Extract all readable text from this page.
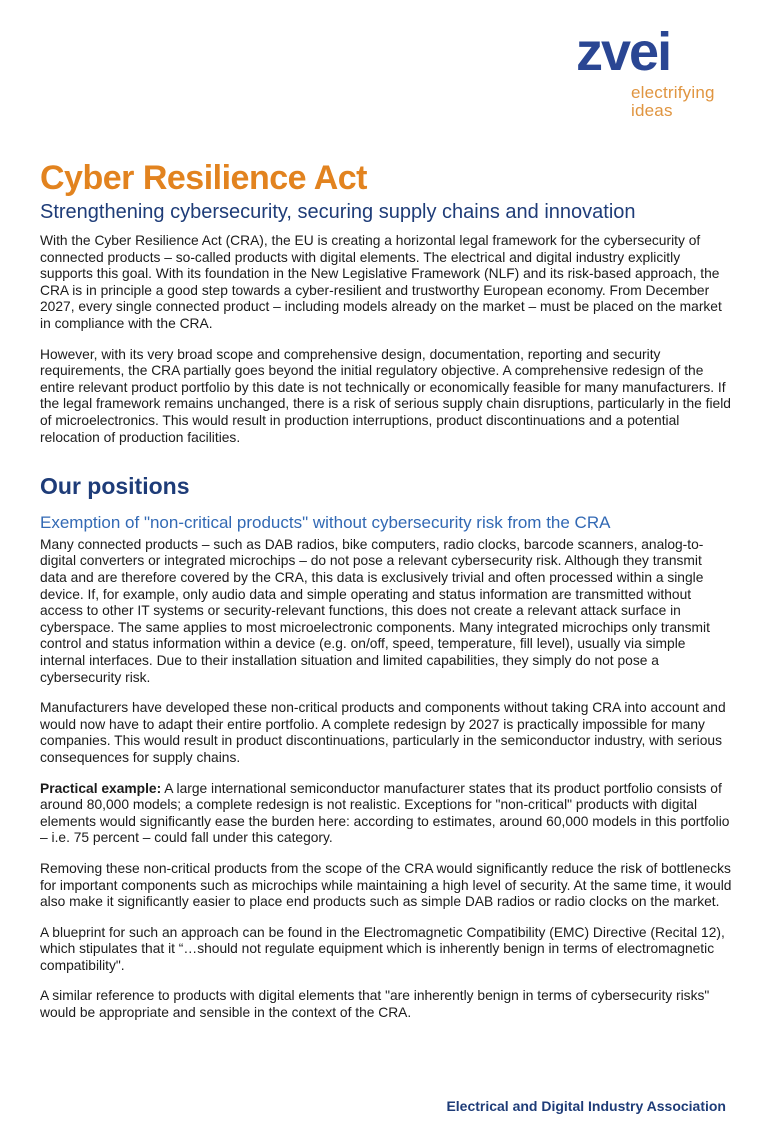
zvei
electrifying
ideas
Cyber Resilience Act
Strengthening cybersecurity, securing supply chains and innovation

With the Cyber Resilience Act (CRA), the EU is creating a horizontal legal framework for the cybersecurity of connected products – so-called products with digital elements. The electrical and digital industry explicitly supports this goal. With its foundation in the New Legislative Framework (NLF) and its risk-based approach, the CRA is in principle a good step towards a cyber-resilient and trustworthy European economy. From December 2027, every single connected product – including models already on the market – must be placed on the market in compliance with the CRA.

However, with its very broad scope and comprehensive design, documentation, reporting and security requirements, the CRA partially goes beyond the initial regulatory objective. A comprehensive redesign of the entire relevant product portfolio by this date is not technically or economically feasible for many manufacturers. If the legal framework remains unchanged, there is a risk of serious supply chain disruptions, particularly in the field of microelectronics. This would result in production interruptions, product discontinuations and a potential relocation of production facilities.

Our positions
Exemption of "non-critical products" without cybersecurity risk from the CRA

Many connected products – such as DAB radios, bike computers, radio clocks, barcode scanners, analog-to-digital converters or integrated microchips – do not pose a relevant cybersecurity risk. Although they transmit data and are therefore covered by the CRA, this data is exclusively trivial and often processed within a single device. If, for example, only audio data and simple operating and status information are transmitted without access to other IT systems or security-relevant functions, this does not create a relevant attack surface in cyberspace. The same applies to most microelectronic components. Many integrated microchips only transmit control and status information within a device (e.g. on/off, speed, temperature, fill level), usually via simple internal interfaces. Due to their installation situation and limited capabilities, they simply do not pose a cybersecurity risk.

Manufacturers have developed these non-critical products and components without taking CRA into account and would now have to adapt their entire portfolio. A complete redesign by 2027 is practically impossible for many companies. This would result in product discontinuations, particularly in the semiconductor industry, with serious consequences for supply chains.

Practical example: A large international semiconductor manufacturer states that its product portfolio consists of around 80,000 models; a complete redesign is not realistic. Exceptions for "non-critical" products with digital elements would significantly ease the burden here: according to estimates, around 60,000 models in this portfolio – i.e. 75 percent – could fall under this category.

Removing these non-critical products from the scope of the CRA would significantly reduce the risk of bottlenecks for important components such as microchips while maintaining a high level of security. At the same time, it would also make it significantly easier to place end products such as simple DAB radios or radio clocks on the market.

A blueprint for such an approach can be found in the Electromagnetic Compatibility (EMC) Directive (Recital 12), which stipulates that it “…should not regulate equipment which is inherently benign in terms of electromagnetic compatibility".

A similar reference to products with digital elements that "are inherently benign in terms of cybersecurity risks" would be appropriate and sensible in the context of the CRA.

Electrical and Digital Industry Association
